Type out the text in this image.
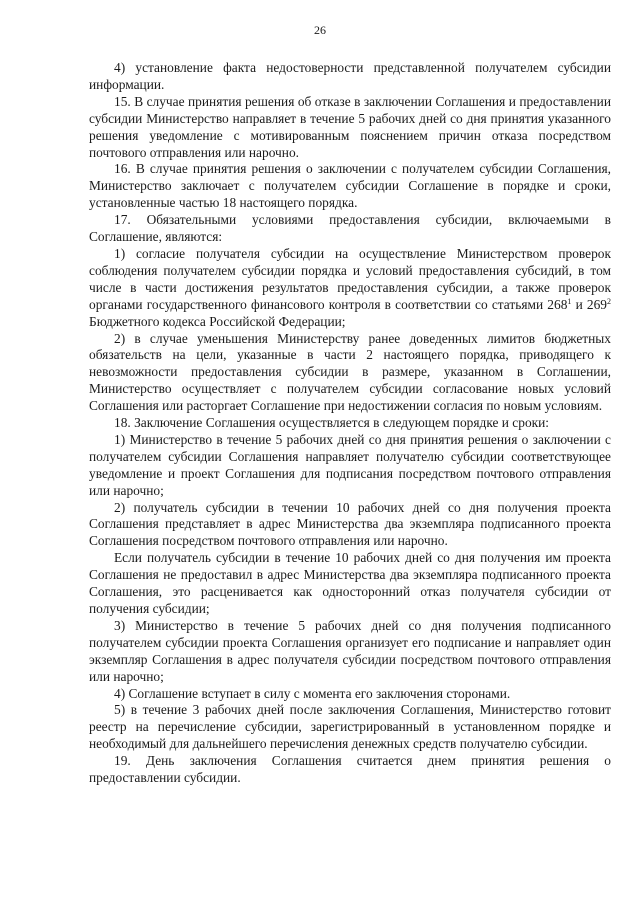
26

4) установление факта недостоверности представленной получателем субсидии информации.

15. В случае принятия решения об отказе в заключении Соглашения и предоставлении субсидии Министерство направляет в течение 5 рабочих дней со дня принятия указанного решения уведомление с мотивированным пояснением причин отказа посредством почтового отправления или нарочно.

16. В случае принятия решения о заключении с получателем субсидии Соглашения, Министерство заключает с получателем субсидии Соглашение в порядке и сроки, установленные частью 18 настоящего порядка.

17. Обязательными условиями предоставления субсидии, включаемыми в Соглашение, являются:

1) согласие получателя субсидии на осуществление Министерством проверок соблюдения получателем субсидии порядка и условий предоставления субсидий, в том числе в части достижения результатов предоставления субсидии, а также проверок органами государственного финансового контроля в соответствии со статьями $268^1$ и $269^2$ Бюджетного кодекса Российской Федерации;

2) в случае уменьшения Министерству ранее доведенных лимитов бюджетных обязательств на цели, указанные в части 2 настоящего порядка, приводящего к невозможности предоставления субсидии в размере, указанном в Соглашении, Министерство осуществляет с получателем субсидии согласование новых условий Соглашения или расторгает Соглашение при недостижении согласия по новым условиям.

18. Заключение Соглашения осуществляется в следующем порядке и сроки:

1) Министерство в течение 5 рабочих дней со дня принятия решения о заключении с получателем субсидии Соглашения направляет получателю субсидии соответствующее уведомление и проект Соглашения для подписания посредством почтового отправления или нарочно;

2) получатель субсидии в течении 10 рабочих дней со дня получения проекта Соглашения представляет в адрес Министерства два экземпляра подписанного проекта Соглашения посредством почтового отправления или нарочно.

Если получатель субсидии в течение 10 рабочих дней со дня получения им проекта Соглашения не предоставил в адрес Министерства два экземпляра подписанного проекта Соглашения, это расценивается как односторонний отказ получателя субсидии от получения субсидии;

3) Министерство в течение 5 рабочих дней со дня получения подписанного получателем субсидии проекта Соглашения организует его подписание и направляет один экземпляр Соглашения в адрес получателя субсидии посредством почтового отправления или нарочно;

4) Соглашение вступает в силу с момента его заключения сторонами.

5) в течение 3 рабочих дней после заключения Соглашения, Министерство готовит реестр на перечисление субсидии, зарегистрированный в установленном порядке и необходимый для дальнейшего перечисления денежных средств получателю субсидии.

19. День заключения Соглашения считается днем принятия решения о предоставлении субсидии.
